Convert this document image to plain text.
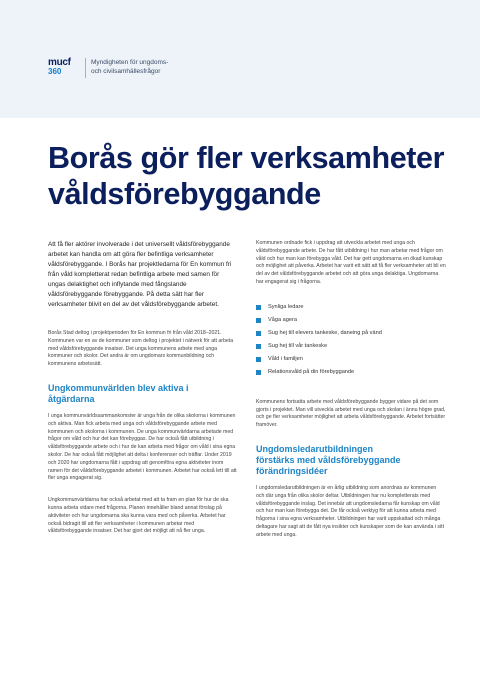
mucf
360
Myndigheten för ungdoms-
och civilsamhällesfrågor
Borås gör fler verksamheter
våldsförebyggande

Att få fler aktörer involverade i det universellt våldsförebyggande arbetet kan handla om att göra fler befintliga verksamheter våldsförebyggande. I Borås har projektledarna för En kommun fri från våld kompletterat redan befintliga arbete med samen för ungas delaktighet och inflytande med fångslande våldsförebyggande förebyggande. På detta sätt har fler verksamheter blivit en del av det våldsförebyggande arbetet.

Borås Stad deltog i projektperioden för En kommun fri från våld 2018–2021. Kommunen var en av de kommuner som deltog i projektet i nätverk för att arbeta med våldsförebyggande insatser. Det unga kommunens arbete med unga kommuner och skolor. Det andra är om ungdomars kommunbildning och kommunens arbetssätt.

Ungkommunvärlden blev aktiva i
åtgärdarna

I unga kommunvärldssammankomster är unga från de olika skolorna i kommunen och aktiva. Man fick arbeta med unga och våldsförebyggande arbete med kommunen och skolorna i kommunen. De unga kommunvärldarna arbetade med frågor om våld och hur det kan förebyggas. De har också fått utbildning i våldsförebyggande arbete och i hur de kan arbeta med frågor om våld i sina egna skolor. De har också fått möjlighet att delta i konferenser och träffar. Under 2019 och 2020 har ungdomarna fått i uppdrag att genomföra egna aktiviteter inom ramen för det våldsförebyggande arbetet i kommunen. Arbetet har också lett till att fler unga engagerat sig.

Ungkommunvärldarna har också arbetat med att ta fram en plan för hur de ska kunna arbeta vidare med frågorna. Planen innehåller bland annat förslag på aktiviteter och hur ungdomarna ska kunna vara med och påverka. Arbetet har också bidragit till att fler verksamheter i kommunen arbetar med våldsförebyggande insatser. Det har gjort det möjligt att nå fler unga.

Kommunen ordnade fick i uppdrag att utveckla arbetet med unga och våldsförebyggande arbete. De har fått utbildning i hur man arbetar med frågor om våld och hur man kan förebygga våld. Det har gett ungdomarna en ökad kunskap och möjlighet att påverka. Arbetet har varit ett sätt att få fler verksamheter att bli en del av det våldsförebyggande arbetet och att göra unga delaktiga. Ungdomarna har engagerat sig i frågorna.

Synliga ledare
Våga agera
Sug hej till elevers tankeske, daneing på vänd
Sug hej till vår tankeske
Våld i familjen
Relationsvåld på din förebyggande

Kommunens fortsatta arbete med våldsförebyggande bygger vidare på det som gjorts i projektet. Man vill utveckla arbetet med unga och skolan i ännu högre grad, och ge fler verksamheter möjlighet att arbeta våldsförebyggande. Arbetet fortsätter framöver.

Ungdomsledarutbildningen
förstärks med våldsförebyggande
förändringsidéer

I ungdomsledarutbildningen är en årlig utbildning som anordnas av kommunen och där unga från olika skolor deltar. Utbildningen har nu kompletterats med våldsförebyggande inslag. Det innebär att ungdomsledarna får kunskap om våld och hur man kan förebygga det. De får också verktyg för att kunna arbeta med frågorna i sina egna verksamheter. Utbildningen har varit uppskattad och många deltagare har sagt att de fått nya insikter och kunskaper som de kan använda i sitt arbete med unga.
